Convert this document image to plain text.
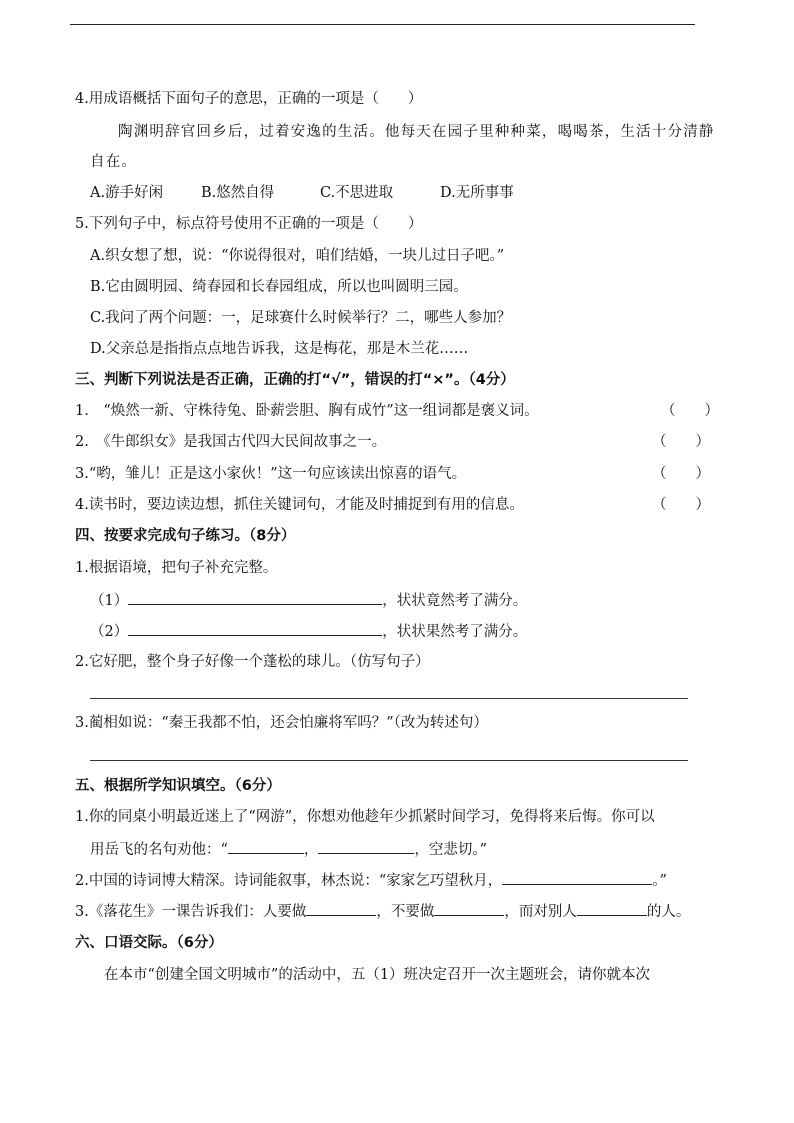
4.用成语概括下面句子的意思，正确的一项是（　　）
陶渊明辞官回乡后，过着安逸的生活。他每天在园子里种种菜，喝喝茶，生活十分清静
自在。
A.游手好闲	B.悠然自得	C.不思进取	D.无所事事
5.下列句子中，标点符号使用不正确的一项是（　　）
A.织女想了想，说：“你说得很对，咱们结婚，一块儿过日子吧。”
B.它由圆明园、绮春园和长春园组成，所以也叫圆明三园。
C.我问了两个问题：一，足球赛什么时候举行？二，哪些人参加？
D.父亲总是指指点点地告诉我，这是梅花，那是木兰花……
三、判断下列说法是否正确，正确的打“√”，错误的打“×”。（4分）
1.　“焕然一新、守株待兔、卧薪尝胆、胸有成竹”这一组词都是褒义词。	（　　）
2.　《牛郎织女》是我国古代四大民间故事之一。	（　　）
3.“哟，雏儿！正是这小家伙！”这一句应该读出惊喜的语气。	（　　）
4.读书时，要边读边想，抓住关键词句，才能及时捕捉到有用的信息。	（　　）
四、按要求完成句子练习。（8分）
1.根据语境，把句子补充完整。
（1）	，状状竟然考了满分。
（2）	，状状果然考了满分。
2.它好肥，整个身子好像一个蓬松的球儿。（仿写句子）
3.蔺相如说：“秦王我都不怕，还会怕廉将军吗？”（改为转述句）
五、根据所学知识填空。（6分）
1.你的同桌小明最近迷上了“网游”，你想劝他趁年少抓紧时间学习，免得将来后悔。你可以
用岳飞的名句劝他：“	，	，空悲切。”
2.中国的诗词博大精深。诗词能叙事，林杰说：“家家乞巧望秋月，	。”
3.《落花生》一课告诉我们：人要做	，不要做	，而对别人	的人。
六、口语交际。（6分）
在本市“创建全国文明城市”的活动中，五（1）班决定召开一次主题班会，请你就本次
